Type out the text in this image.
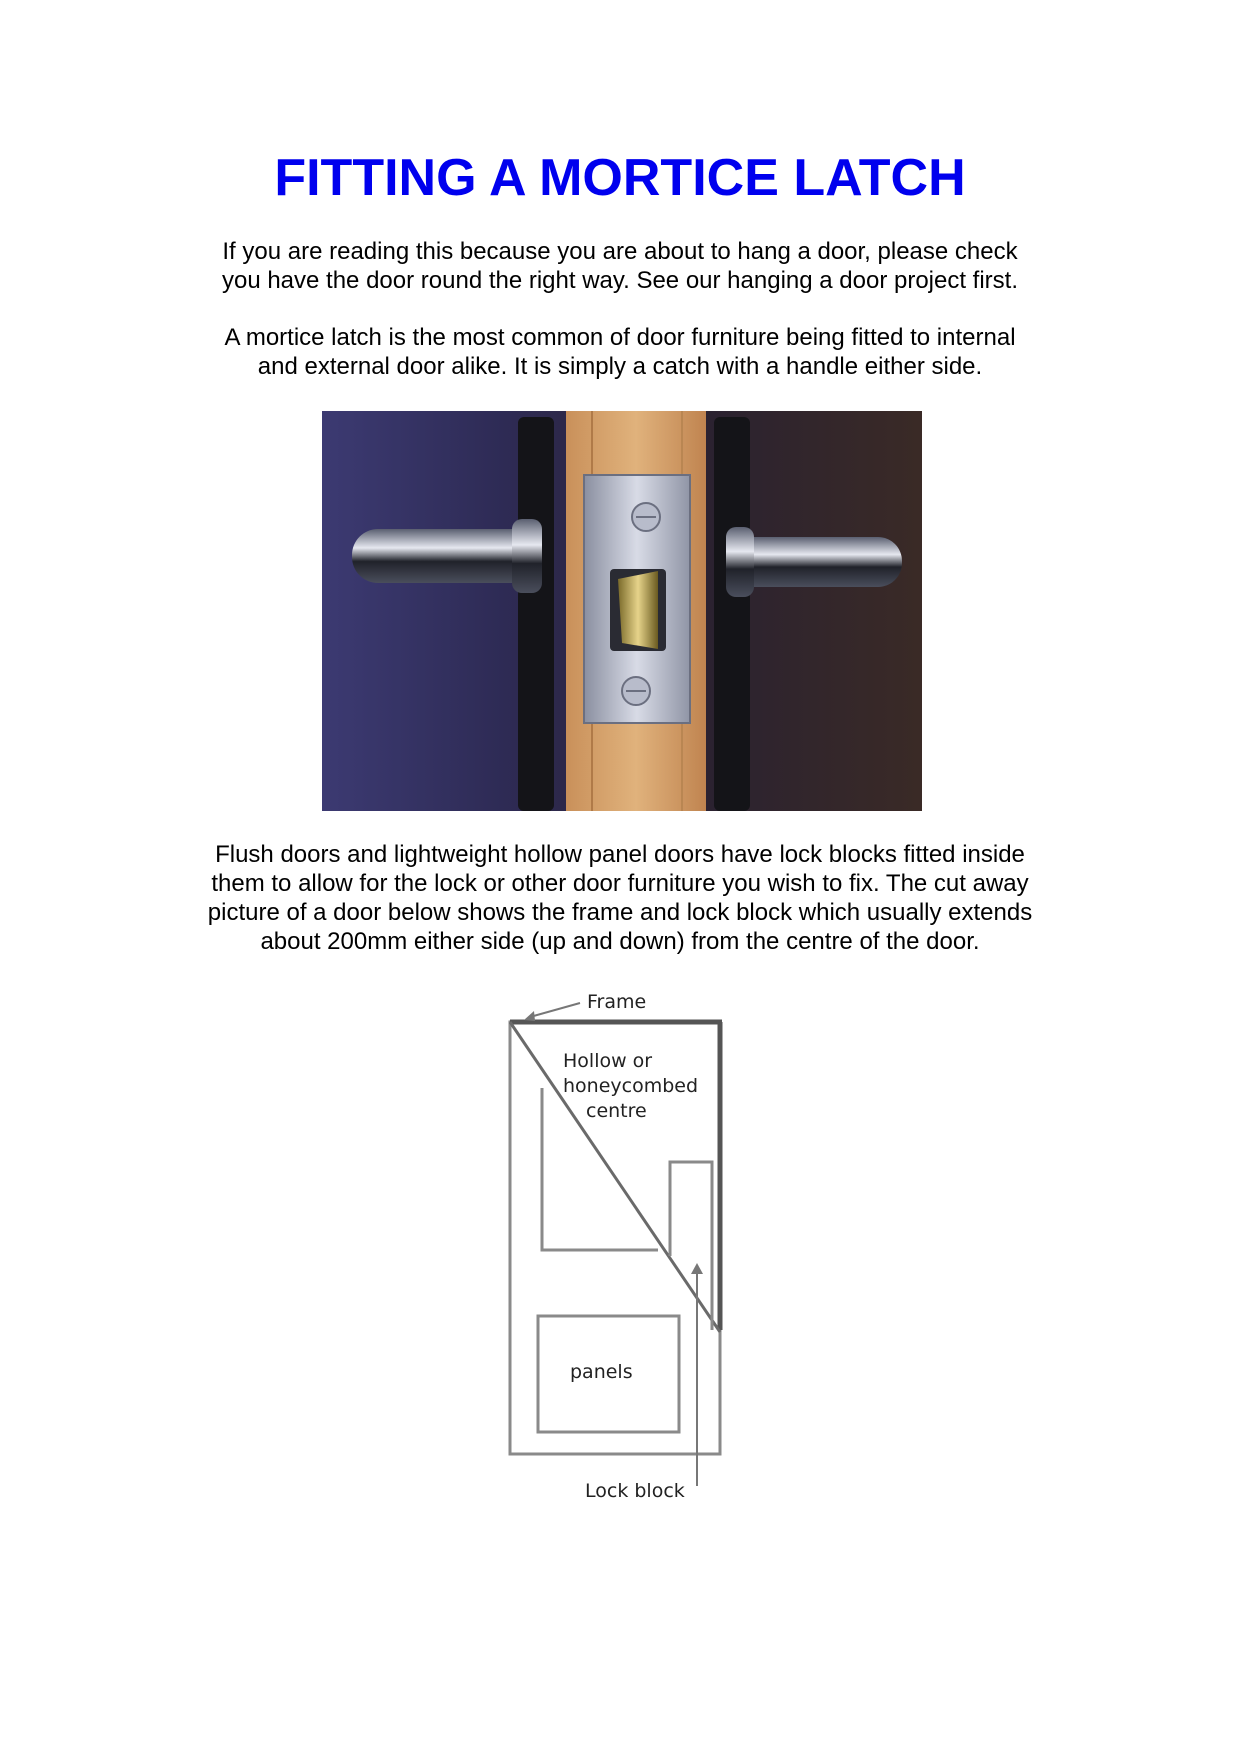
FITTING A MORTICE LATCH

If you are reading this because you are about to hang a door, please check
you have the door round the right way. See our hanging a door project first.

A mortice latch is the most common of door furniture being fitted to internal
and external door alike. It is simply a catch with a handle either side.

Flush doors and lightweight hollow panel doors have lock blocks fitted inside
them to allow for the lock or other door furniture you wish to fix. The cut away
picture of a door below shows the frame and lock block which usually extends
about 200mm either side (up and down) from the centre of the door.

Frame
Hollow or
honeycombed
centre
panels
Lock block
